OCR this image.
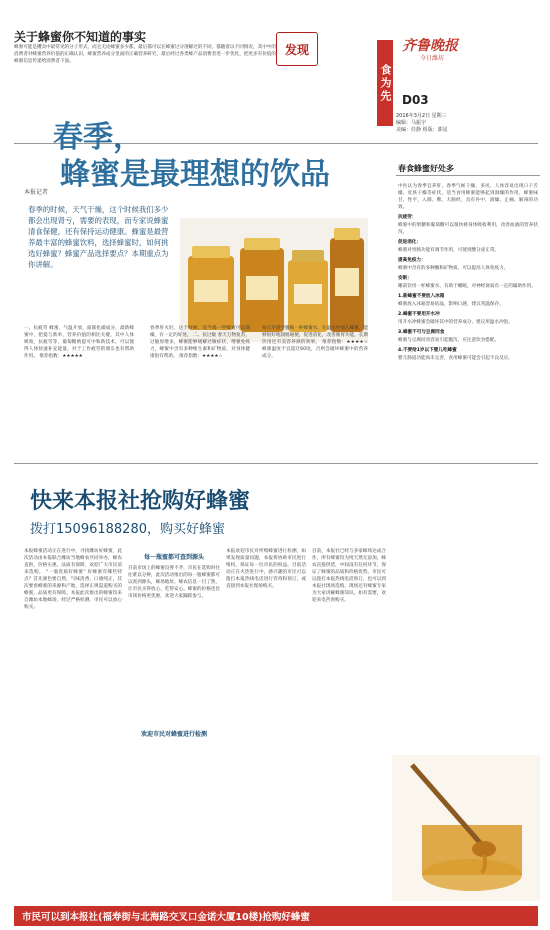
关于蜂蜜你不知道的事实
蜂蜜可能是攫卖中最常见的分子形式，而且无论蜂蜜多少都，最后都可以在蜂蜜过分溶解过的不同，都随着以不同情况，其中中的消费者对蜂蜜营养价值的正确认识，蜂蜜营养成分里面的正确营养研究，最后经过各类蜂产品消费者进一步优化，把更多有价值的蜂蜜信息传递给消费者下面。
发现	齐鲁晚报
今日潍坊
食为先 D03
2016年3月2日 星期三
编辑：马振宇
美编：任静 组版：郭星
春季，
蜂蜜是最理想的饮品
本报记者
春季的时候，天气干燥，这个时候我们多少都会出现肾亏，需要的表现，而专家说蜂蜜清食保健，还有保持运动健康。蜂蜜是最营养最丰富的蜂蜜饮料，选择蜂蜜时，如何挑选好蜂蜜？蜂蜜产品选择要点？本期重点为你讲解。
一、抗疲劳 蜂蜜，气温开放，面联化碳成分，最新蜂蜜中，把提与新单，营养价值的相比关键，其中人体吸收，抗疲劳等，葡萄糖被提可中和新技术，可以使得人体快速补充能量，对于工作疲劳的朋友也有帮助作用。 推荐指数：★★★★★
春季肝火旺，这个时候，适当喝一些蜂蜜可以润燥，有一定的好处， 二、抗过敏 春天万物复苏，过敏原增多，蜂蜜能够缓解过敏症状，增强免疫力，蜂蜜中含有多种维生素和矿物质，对身体健康很有帮助。 推荐指数：★★★★☆
每天早晨空腹喝一杯蜂蜜水，在温水中加入蜂蜜，能够很好地润肠通便，促进消化，改善肠胃功能，长期饮用还有美容养颜的效果。 推荐指数：★★★★☆ 蜂蜜温度不宜超过60度，否则会破坏蜂蜜中的营养成分。
快来本报社抢购好蜂蜜
拨打15096188280，购买好蜂蜜
本报蜂蜜活动正在进行中，寻找潍坊好蜂蜜，此次活动由本报联合潍坊当地蜂农共同举办，蜂农直供，价格实惠，品质有保障，欢迎广大市民前来选购。 “一瓶优质好蜂蜜” 好蜂蜜有哪些特点？首先颜色要自然，气味清香，口感纯正，其次要看蜂蜜的来源和产地，选择正规渠道购买的蜂蜜，品质更有保障。本报此次推出的蜂蜜均来自潍坊本地蜂场，经过严格检测，市民可以放心购买。
每一瓶蜜都可查到源头
目前市场上的蜂蜜良莠不齐，市民在选购时往往难以分辨，此次活动推出的每一瓶蜂蜜都可以查到源头，蜂场地址、蜂农信息一目了然，让市民买得放心、吃得安心。蜂蜜的价格也比市场价格更优惠，欢迎大家踊跃参与。
欢迎市民对蜂蜜进行检测
本报欢迎市民对所购蜂蜜进行检测，如果发现质量问题，本报将协助市民进行维权，保证每一位市民的权益。目前活动正在火热进行中，感兴趣的市民可以拨打本报热线电话进行咨询和预订，或直接到本报社现场购买。
目前，本报社已经与多家蜂场达成合作，所有蜂蜜均为纯天然无添加，蜂农直接供货，中间没有任何环节，保证了蜂蜜的品质和价格优势。市民可以拨打本报热线电话预订，也可以到本报社现场选购，现场还有蜂蜜专家为大家讲解蜂蜜知识。如有需要，欢迎来电咨询购买。
春食蜂蜜好处多
中医认为春季宜养肝，春季气候干燥，多风，人体容易出现口干舌燥、皮肤干燥等症状，适当食用蜂蜜能够起到润燥的作用，蜂蜜味甘，性平，入肺、脾、大肠经，具有补中、润燥、止痛、解毒的功效。
抗疲劳：
蜂蜜中的果糖和葡萄糖可以很快被身体吸收利用，改善血液的营养状况。
促进消化：
蜂蜜对胃肠功能有调节作用，可使胃酸分泌正常。
提高免疫力：
蜂蜜中含有的多种酶和矿物质，可以提高人体免疫力。
安眠：
睡前饮用一杯蜂蜜水，有助于睡眠，对神经衰弱有一定的辅助作用。
1.新蜂蜜不要放入冰箱
蜂蜜放入冰箱容易结晶，影响口感，建议常温保存。
2.蜂蜜不要用开水冲
用开水冲蜂蜜会破坏其中的营养成分，建议用温水冲泡。
3.蜂蜜不可与豆腐同食
蜂蜜与豆腐同食容易引起腹泻，应注意饮食搭配。
4.不要给1岁以下婴儿吃蜂蜜
婴儿肠道功能尚未完善，食用蜂蜜可能会引起不良反应。
市民可以到本报社(福寿街与北海路交叉口金诺大厦10楼)抢购好蜂蜜
